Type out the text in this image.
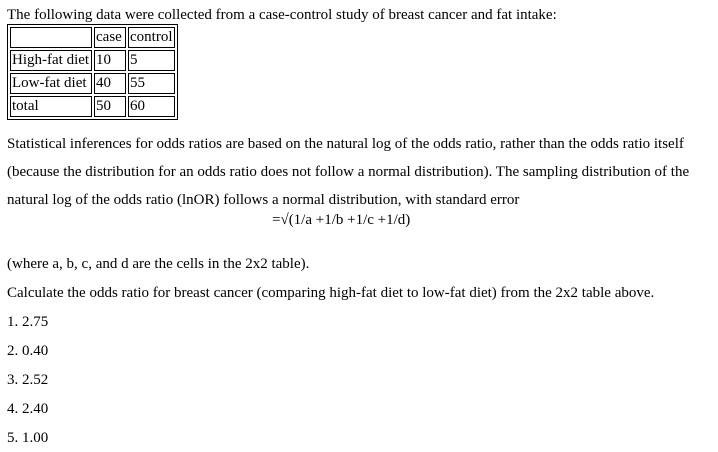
The following data were collected from a case-control study of breast cancer and fat intake:
	case	control
High-fat diet	10	5
Low-fat diet	40	55
total	50	60
Statistical inferences for odds ratios are based on the natural log of the odds ratio, rather than the odds ratio itself (because the distribution for an odds ratio does not follow a normal distribution). The sampling distribution of the natural log of the odds ratio (lnOR) follows a normal distribution, with standard error
=√(1/a +1/b +1/c +1/d)
(where a, b, c, and d are the cells in the 2x2 table).
Calculate the odds ratio for breast cancer (comparing high-fat diet to low-fat diet) from the 2x2 table above.
1. 2.75
2. 0.40
3. 2.52
4. 2.40
5. 1.00
